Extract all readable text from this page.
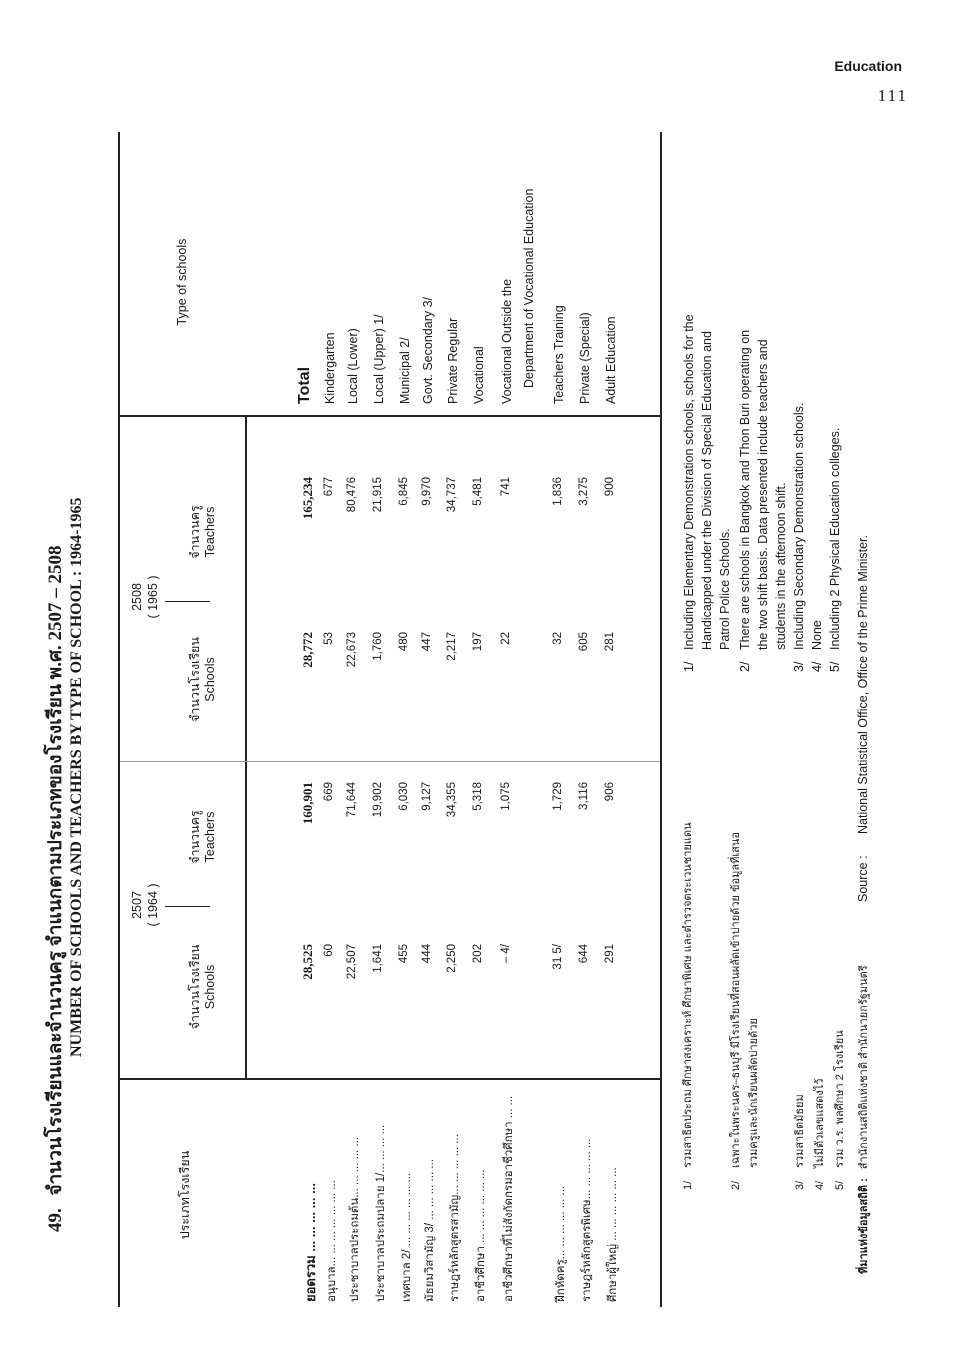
Education
111
49. จำนวนโรงเรียนและจำนวนครู จำแนกตามประเภทของโรงเรียน พ.ศ. 2507 – 2508 NUMBER OF SCHOOLS AND TEACHERS BY TYPE OF SCHOOL : 1964-1965
ประเภทโรงเรียน
Type of schools
2507 ( 1964 )
2508 ( 1965 )
จำนวนโรงเรียน Schools
จำนวนครู Teachers
จำนวนโรงเรียน Schools
จำนวนครู Teachers
ยอดรวม ... ... ... ... ...
28,525
160,901
28,772
165,234
Total
อนุบาล... ... ... ... ... ... ...
60
669
53
677
Kindergarten
ประชาบาลประถมต้น... ... ... ... ...
22,507
71,644
22,673
80,476
Local (Lower)
ประชาบาลประถมปลาย 1/... ... ... ...
1,641
19,902
1,760
21,915
Local (Upper) 1/
เทศบาล 2/ ... ... ... ... ... ...
455
6,030
480
6,845
Municipal 2/
มัธยมวิสามัญ 3/ ... ... ... ... ...
444
9,127
447
9,970
Govt. Secondary 3/
ราษฎร์หลักสูตรสามัญ... ... ... ... ...
2,250
34,355
2,217
34,737
Private Regular
อาชีวศึกษา ... ... ... ... ... ...
202
5,318
197
5,481
Vocational
อาชีวศึกษาที่ไม่สังกัดกรมอาชีวศึกษา ... ...
– 4/
1,075
22
741
Vocational Outside the Department of Vocational Education
ฝึกหัดครู... ... ... ... ... ...
31 5/
1,729
32
1,836
Teachers Training
ราษฎร์หลักสูตรพิเศษ... ... ... ... ...
644
3,116
605
3,275
Private (Special)
ศึกษาผู้ใหญ่ ... ... ... ... ... ...
291
906
281
900
Adult Education
1/
รวมสาธิตประถม ศึกษาสงเคราะห์ ศึกษาพิเศษ และตำรวจตระเวนชายแดน
2/
เฉพาะในพระนคร–ธนบุรี มีโรงเรียนที่สอนผลัดเข้าบ่ายด้วย ข้อมูลที่เสนอ รวมครูและนักเรียนผลัดบ่ายด้วย
3/
รวมสาธิตมัธยม
4/
ไม่มีตัวเลขแสดงไว้
5/
รวม ว.ร. พลศึกษา 2 โรงเรียน
ที่มาแห่งข้อมูลสถิติ : สำนักงานสถิติแห่งชาติ สำนักนายกรัฐมนตรี
1/
Including Elementary Demonstration schools, schools for the Handicapped under the Division of Special Education and Patrol Police Schools.
2/
There are schools in Bangkok and Thon Buri operating on the two shift basis. Data presented include teachers and students in the afternoon shift.
3/
Including Secondary Demonstration schools.
4/
None
5/
Including 2 Physical Education colleges.
Source :
National Statistical Office, Office of the Prime Minister.
